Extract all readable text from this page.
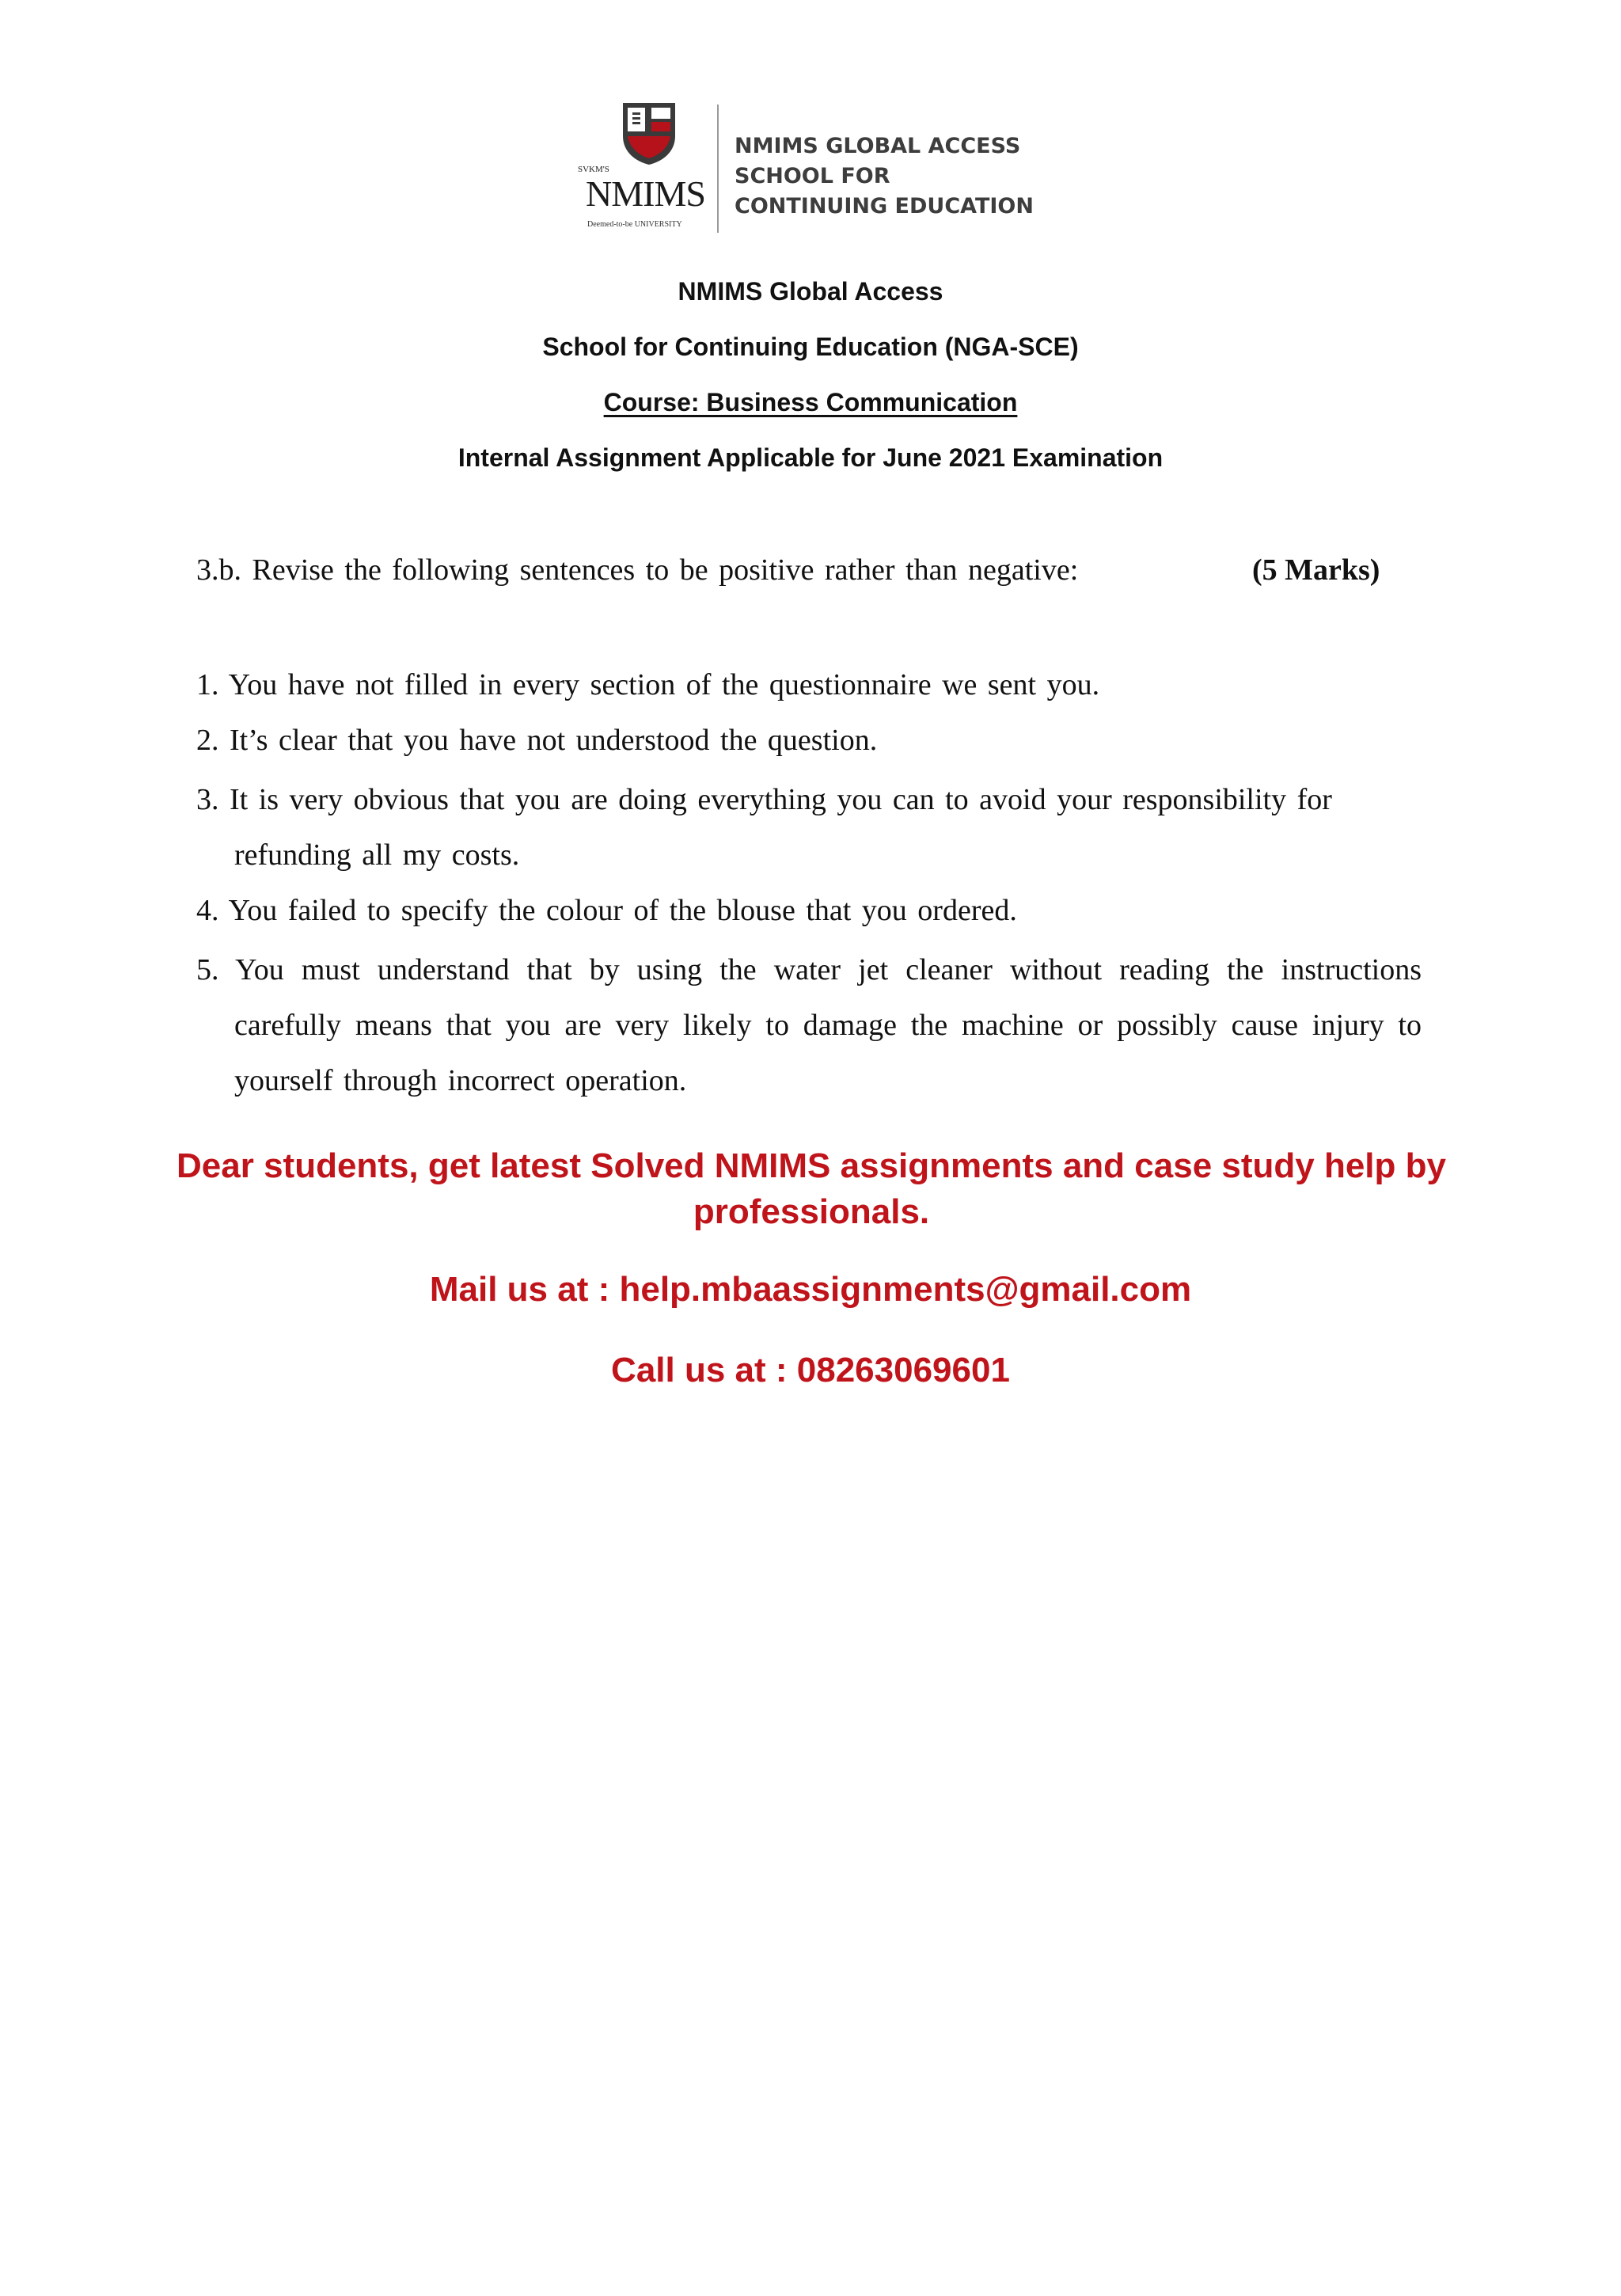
SVKM'S
NMIMS
Deemed-to-be UNIVERSITY
NMIMS GLOBAL ACCESS
SCHOOL FOR
CONTINUING EDUCATION
NMIMS Global Access
School for Continuing Education (NGA-SCE)
Course: Business Communication
Internal Assignment Applicable for June 2021 Examination
3.b. Revise the following sentences to be positive rather than negative:	(5 Marks)
1. You have not filled in every section of the questionnaire we sent you.
2. It’s clear that you have not understood the question.
3. It is very obvious that you are doing everything you can to avoid your responsibility for refunding all my costs.
4. You failed to specify the colour of the blouse that you ordered.
5. You must understand that by using the water jet cleaner without reading the instructions carefully means that you are very likely to damage the machine or possibly cause injury to yourself through incorrect operation.
Dear students, get latest Solved NMIMS assignments and case study help by professionals.
Mail us at : help.mbaassignments@gmail.com
Call us at : 08263069601
